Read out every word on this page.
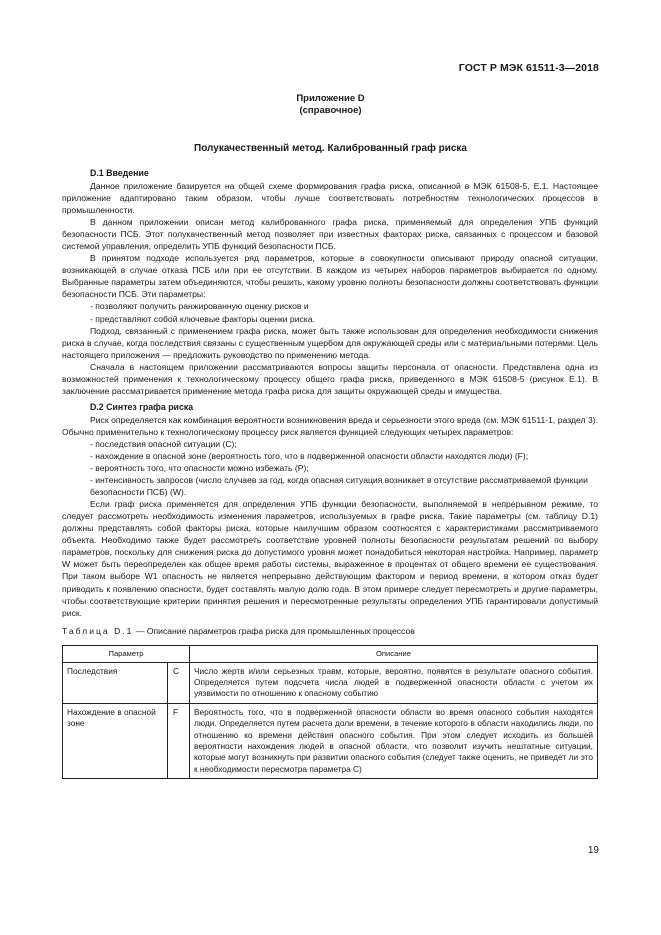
ГОСТ Р МЭК 61511-3—2018
Приложение D
(справочное)
Полукачественный метод. Калиброванный граф риска
D.1 Введение

Данное приложение базируется на общей схеме формирования графа риска, описанной в МЭК 61508-5, Е.1. Настоящее приложение адаптировано таким образом, чтобы лучше соответствовать потребностям технологических процессов в промышленности.

В данном приложении описан метод калиброванного графа риска, применяемый для определения УПБ функций безопасности ПСБ. Этот полукачественный метод позволяет при известных факторах риска, связанных с процессом и базовой системой управления, определить УПБ функций безопасности ПСБ.

В принятом подходе используется ряд параметров, которые в совокупности описывают природу опасной ситуации, возникающей в случае отказа ПСБ или при ее отсутствии. В каждом из четырех наборов параметров выбирается по одному. Выбранные параметры затем объединяются, чтобы решить, какому уровню полноты безопасности должны соответствовать функции безопасности ПСБ. Эти параметры:

- позволяют получить ранжированную оценку рисков и
- представляют собой ключевые факторы оценки риска.

Подход, связанный с применением графа риска, может быть также использован для определения необходимости снижения риска в случае, когда последствия связаны с существенным ущербом для окружающей среды или с материальными потерями. Цель настоящего приложения — предложить руководство по применению метода.

Сначала в настоящем приложении рассматриваются вопросы защиты персонала от опасности. Представлена одна из возможностей применения к технологическому процессу общего графа риска, приведенного в МЭК 61508-5 (рисунок Е.1). В заключение рассматривается применение метода графа риска для защиты окружающей среды и имущества.

D.2 Синтез графа риска

Риск определяется как комбинация вероятности возникновения вреда и серьезности этого вреда (см. МЭК 61511-1, раздел 3). Обычно применительно к технологическому процессу риск является функцией следующих четырех параметров:

- последствия опасной ситуации (С);
- нахождение в опасной зоне (вероятность того, что в подверженной опасности области находятся люди) (F);
- вероятность того, что опасности можно избежать (Р);
- интенсивность запросов (число случаев за год, когда опасная ситуация возникает в отсутствие рассматриваемой функции безопасности ПСБ) (W).

Если граф риска применяется для определения УПБ функции безопасности, выполняемой в непрерывном режиме, то следует рассмотреть необходимость изменения параметров, используемых в графе риска. Такие параметры (см. таблицу D.1) должны представлять собой факторы риска, которые наилучшим образом соотносятся с характеристиками рассматриваемого объекта. Необходимо также будет рассмотреть соответствие уровней полноты безопасности результатам решений по выбору параметров, поскольку для снижения риска до допустимого уровня может понадобиться некоторая настройка. Например, параметр W может быть переопределен как общее время работы системы, выраженное в процентах от общего времени ее существования. При таком выборе W1 опасность не является непрерывно действующим фактором и период времени, в котором отказ будет приводить к появлению опасности, будет составлять малую долю года. В этом примере следует пересмотреть и другие параметры, чтобы соответствующие критерии принятия решения и пересмотренные результаты определения УПБ гарантировали допустимый риск.

Таблица D.1 — Описание параметров графа риска для промышленных процессов
Параметр		Описание
Последствия	C	Число жертв и/или серьезных травм, которые, вероятно, появятся в результате опасного события. Определяется путем подсчета числа людей в подверженной опасности области с учетом их уязвимости по отношению к опасному событию
Нахождение в опасной зоне	F	Вероятность того, что в подверженной опасности области во время опасного события находятся люди. Определяется путем расчета доли времени, в течение которого в области находились люди, по отношению ко времени действия опасного события. При этом следует исходить из большей вероятности нахождения людей в опасной области, что позволит изучить нештатные ситуации, которые могут возникнуть при развитии опасного события (следует также оценить, не приведет ли это к необходимости пересмотра параметра С)
19
